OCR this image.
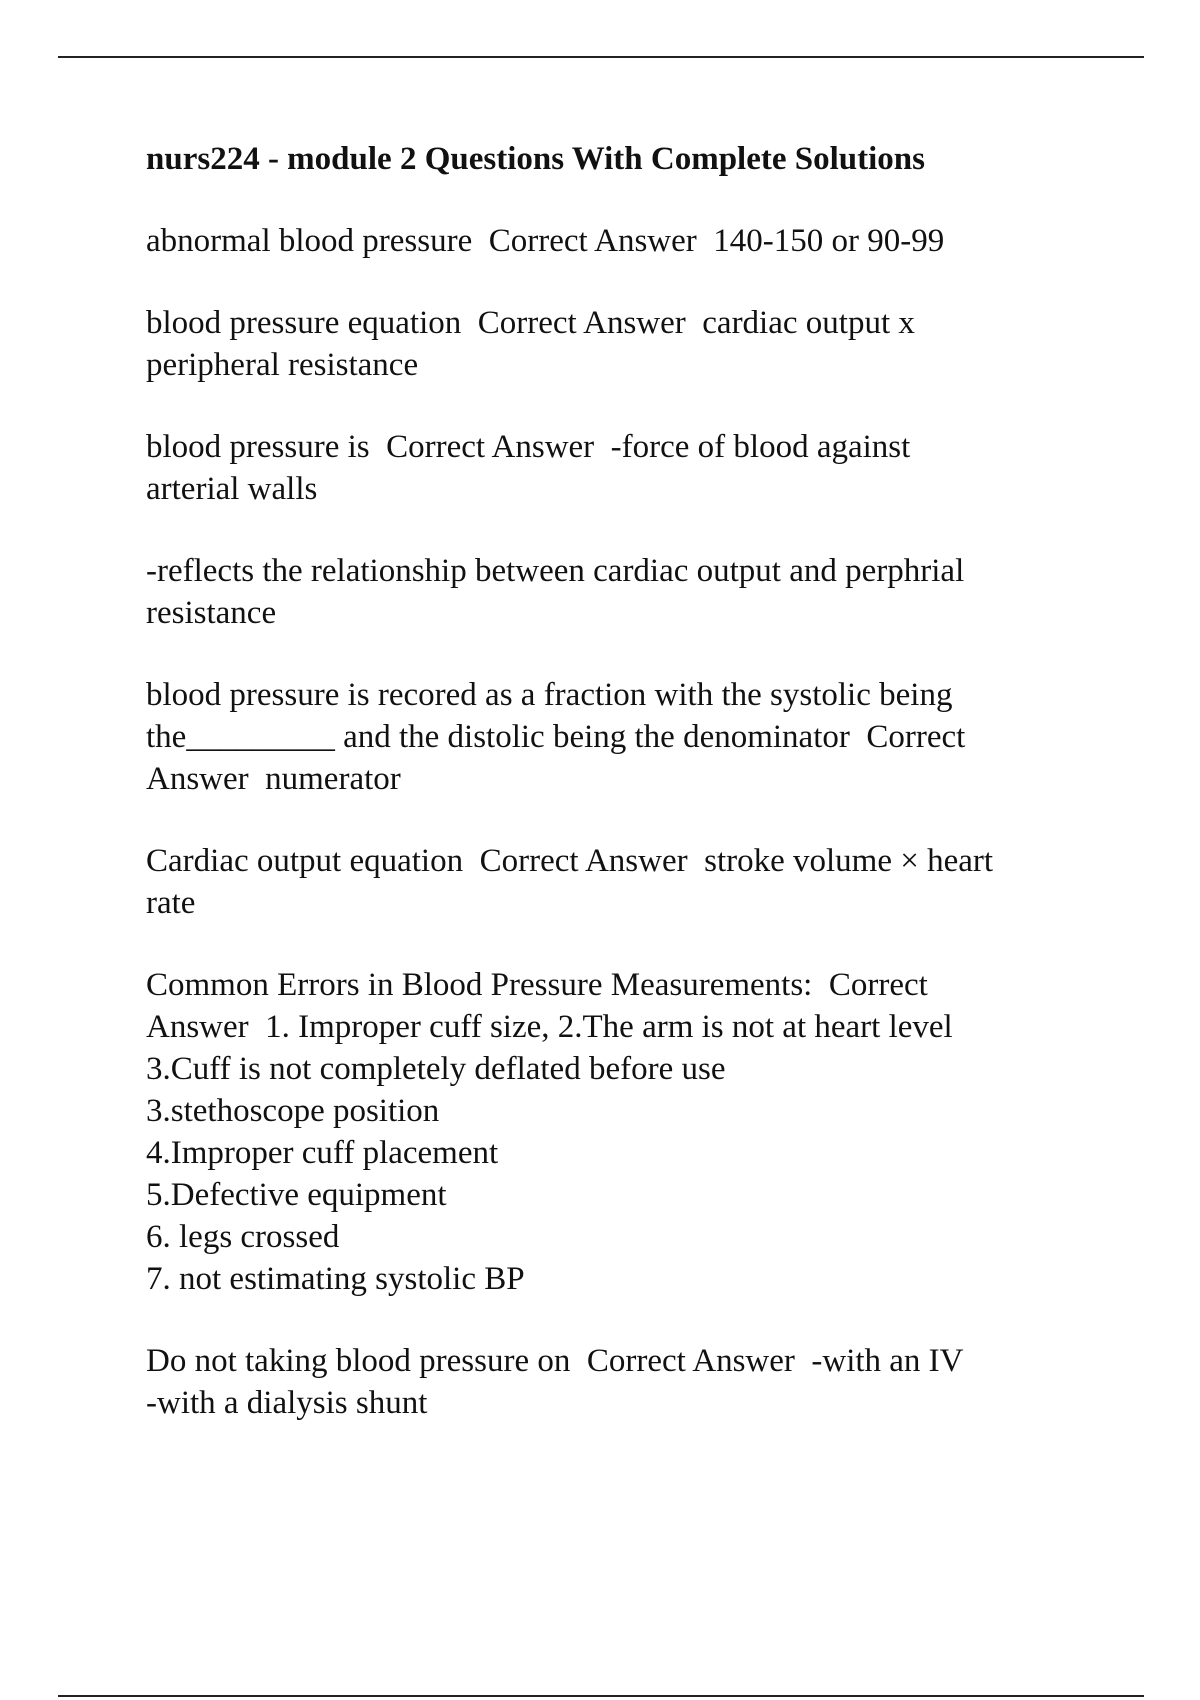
nurs224 - module 2 Questions With Complete Solutions

abnormal blood pressure  Correct Answer  140-150 or 90-99

blood pressure equation  Correct Answer  cardiac output x
peripheral resistance

blood pressure is  Correct Answer  -force of blood against
arterial walls

-reflects the relationship between cardiac output and perphrial
resistance

blood pressure is recored as a fraction with the systolic being
the_________ and the distolic being the denominator  Correct
Answer  numerator

Cardiac output equation  Correct Answer  stroke volume × heart
rate

Common Errors in Blood Pressure Measurements:  Correct
Answer  1. Improper cuff size, 2.The arm is not at heart level
3.Cuff is not completely deflated before use
3.stethoscope position
4.Improper cuff placement
5.Defective equipment
6. legs crossed
7. not estimating systolic BP

Do not taking blood pressure on  Correct Answer  -with an IV
-with a dialysis shunt
